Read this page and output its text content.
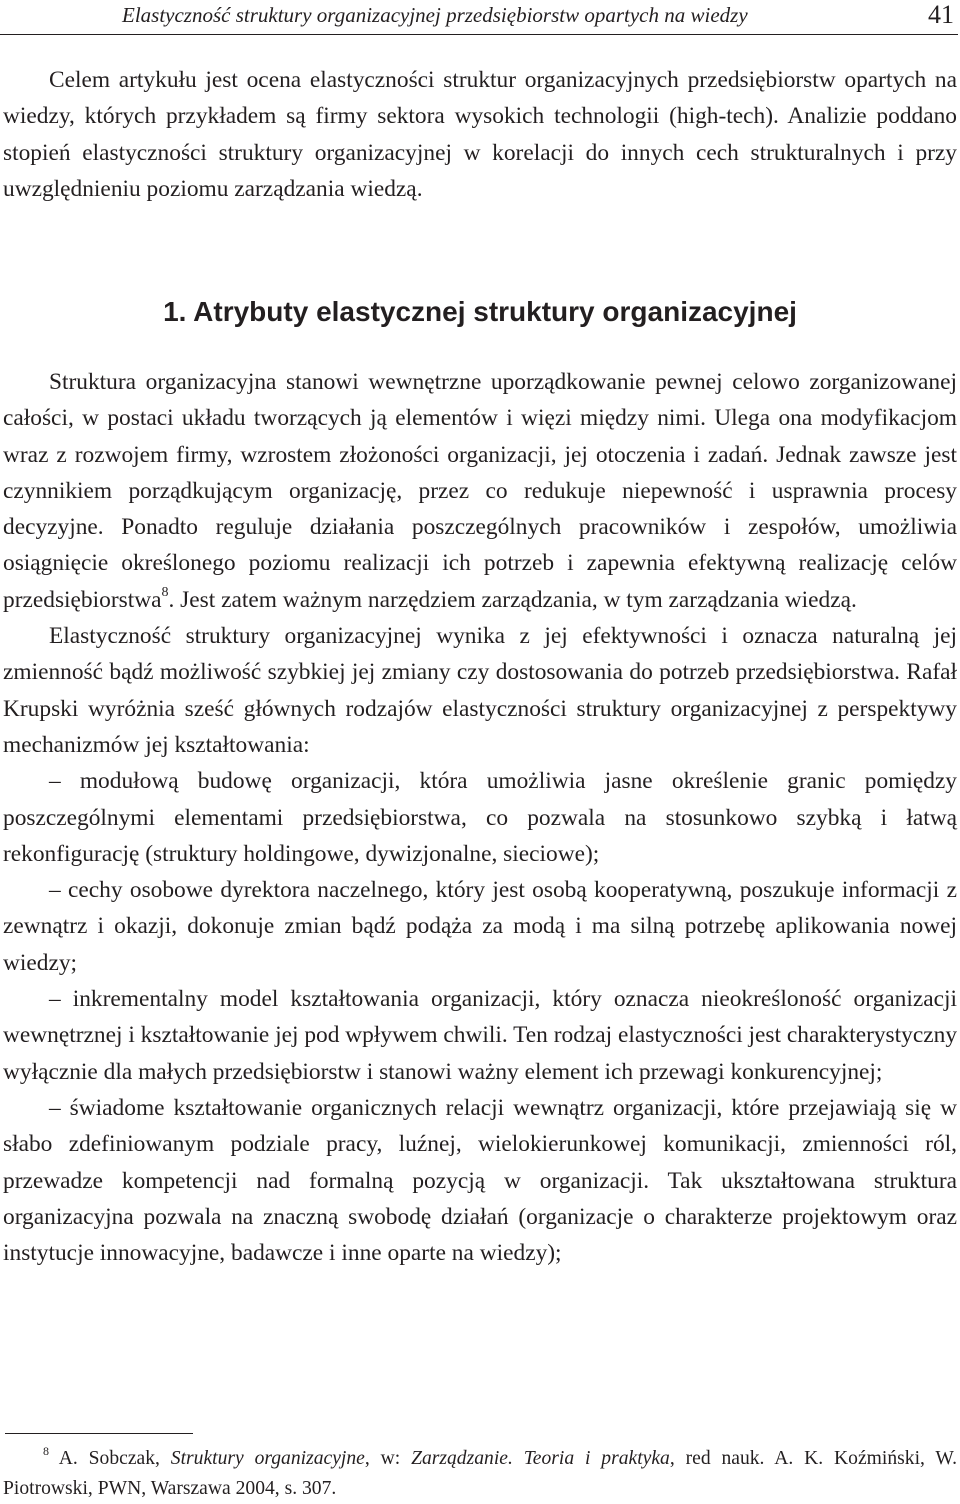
Elastyczność struktury organizacyjnej przedsiębiorstw opartych na wiedzy	41

Celem artykułu jest ocena elastyczności struktur organizacyjnych przedsiębiorstw opartych na wiedzy, których przykładem są firmy sektora wysokich technologii (high-tech). Analizie poddano stopień elastyczności struktury organizacyjnej w korelacji do innych cech strukturalnych i przy uwzględnieniu poziomu zarządzania wiedzą.

1. Atrybuty elastycznej struktury organizacyjnej

Struktura organizacyjna stanowi wewnętrzne uporządkowanie pewnej celowo zorganizowanej całości, w postaci układu tworzących ją elementów i więzi między nimi. Ulega ona modyfikacjom wraz z rozwojem firmy, wzrostem złożoności organizacji, jej otoczenia i zadań. Jednak zawsze jest czynnikiem porządkującym organizację, przez co redukuje niepewność i usprawnia procesy decyzyjne. Ponadto reguluje działania poszczególnych pracowników i zespołów, umożliwia osiągnięcie określonego poziomu realizacji ich potrzeb i zapewnia efektywną realizację celów przedsiębiorstwa$^8$. Jest zatem ważnym narzędziem zarządzania, w tym zarządzania wiedzą.

Elastyczność struktury organizacyjnej wynika z jej efektywności i oznacza naturalną jej zmienność bądź możliwość szybkiej jej zmiany czy dostosowania do potrzeb przedsiębiorstwa. Rafał Krupski wyróżnia sześć głównych rodzajów elastyczności struktury organizacyjnej z perspektywy mechanizmów jej kształtowania:

– modułową budowę organizacji, która umożliwia jasne określenie granic pomiędzy poszczególnymi elementami przedsiębiorstwa, co pozwala na stosunkowo szybką i łatwą rekonfigurację (struktury holdingowe, dywizjonalne, sieciowe);

– cechy osobowe dyrektora naczelnego, który jest osobą kooperatywną, poszukuje informacji z zewnątrz i okazji, dokonuje zmian bądź podąża za modą i ma silną potrzebę aplikowania nowej wiedzy;

– inkrementalny model kształtowania organizacji, który oznacza nieokreśloność organizacji wewnętrznej i kształtowanie jej pod wpływem chwili. Ten rodzaj elastyczności jest charakterystyczny wyłącznie dla małych przedsiębiorstw i stanowi ważny element ich przewagi konkurencyjnej;

– świadome kształtowanie organicznych relacji wewnątrz organizacji, które przejawiają się w słabo zdefiniowanym podziale pracy, luźnej, wielokierunkowej komunikacji, zmienności ról, przewadze kompetencji nad formalną pozycją w organizacji. Tak ukształtowana struktura organizacyjna pozwala na znaczną swobodę działań (organizacje o charakterze projektowym oraz instytucje innowacyjne, badawcze i inne oparte na wiedzy);

$^8$ A. Sobczak, Struktury organizacyjne, w: Zarządzanie. Teoria i praktyka, red nauk. A. K. Koźmiński, W. Piotrowski, PWN, Warszawa 2004, s. 307.
